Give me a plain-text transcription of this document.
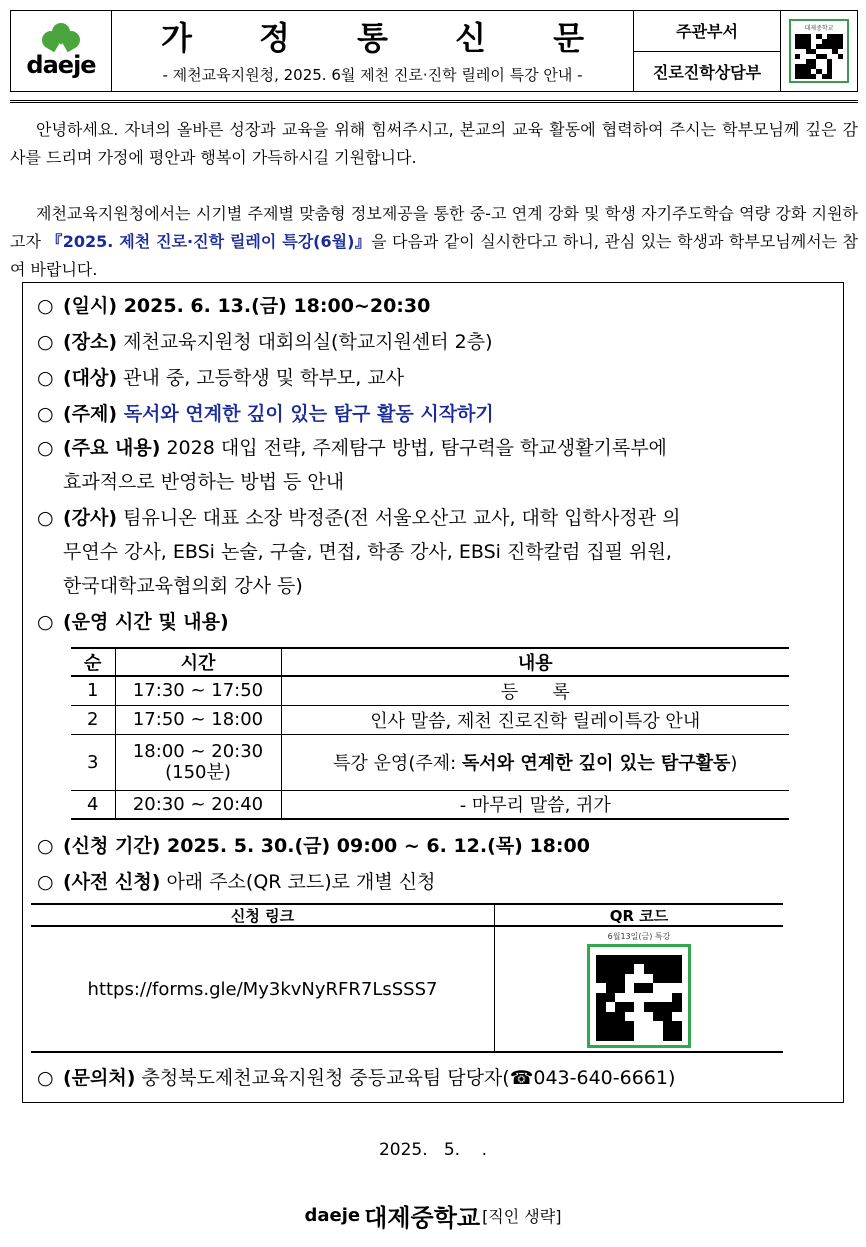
daeje
가 정 통 신 문
- 제천교육지원청, 2025. 6월 제천 진로·진학 릴레이 특강 안내 -
주관부서
진로진학상담부
대제중학교
안녕하세요. 자녀의 올바른 성장과 교육을 위해 힘써주시고, 본교의 교육 활동에 협력하여 주시는 학부모님께 깊은 감사를 드리며 가정에 평안과 행복이 가득하시길 기원합니다.
제천교육지원청에서는 시기별 주제별 맞춤형 정보제공을 통한 중-고 연계 강화 및 학생 자기주도학습 역량 강화 지원하고자 『2025. 제천 진로·진학 릴레이 특강(6월)』을 다음과 같이 실시한다고 하니, 관심 있는 학생과 학부모님께서는 참여 바랍니다.
○ (일시) 2025. 6. 13.(금) 18:00~20:30
○ (장소) 제천교육지원청 대회의실(학교지원센터 2층)
○ (대상) 관내 중, 고등학생 및 학부모, 교사
○ (주제) 독서와 연계한 깊이 있는 탐구 활동 시작하기
○ (주요 내용) 2028 대입 전략, 주제탐구 방법, 탐구력을 학교생활기록부에
효과적으로 반영하는 방법 등 안내
○ (강사) 팀유니온 대표 소장 박정준(전 서울오산고 교사, 대학 입학사정관 의
무연수 강사, EBSi 논술, 구술, 면접, 학종 강사, EBSi 진학칼럼 집필 위원,
한국대학교육협의회 강사 등)
○ (운영 시간 및 내용)
순	시간	내용
1	17:30 ~ 17:50	등      록
2	17:50 ~ 18:00	인사 말씀, 제천 진로진학 릴레이특강 안내
3	18:00 ~ 20:30
(150분)	특강 운영(주제: 독서와 연계한 깊이 있는 탐구활동)
4	20:30 ~ 20:40	- 마무리 말씀, 귀가
○ (신청 기간) 2025. 5. 30.(금) 09:00 ~ 6. 12.(목) 18:00
○ (사전 신청) 아래 주소(QR 코드)로 개별 신청
신청 링크	QR 코드
https://forms.gle/My3kvNyRFR7LsSSS7
6월13일(금) 특강
○ (문의처) 충청북도제천교육지원청 중등교육팀 담당자(☎043-640-6661)
2025.   5.    .
daeje 대제중학교 [직인 생략]
